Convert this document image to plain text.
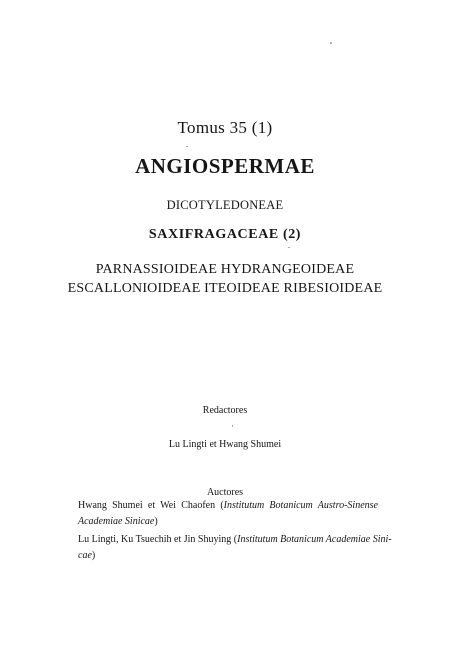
Tomus 35 (1)
ANGIOSPERMAE
DICOTYLEDONEAE
SAXIFRAGACEAE (2)
PARNASSIOIDEAE HYDRANGEOIDEAE
ESCALLONIOIDEAE ITEOIDEAE RIBESIOIDEAE
Redactores
Lu Lingti et Hwang Shumei
Auctores
Hwang Shumei et Wei Chaofen (Institutum Botanicum Austro-Sinense
Academiae Sinicae)
Lu Lingti, Ku Tsuechih et Jin Shuying (Institutum Botanicum Academiae Sini-
cae)
